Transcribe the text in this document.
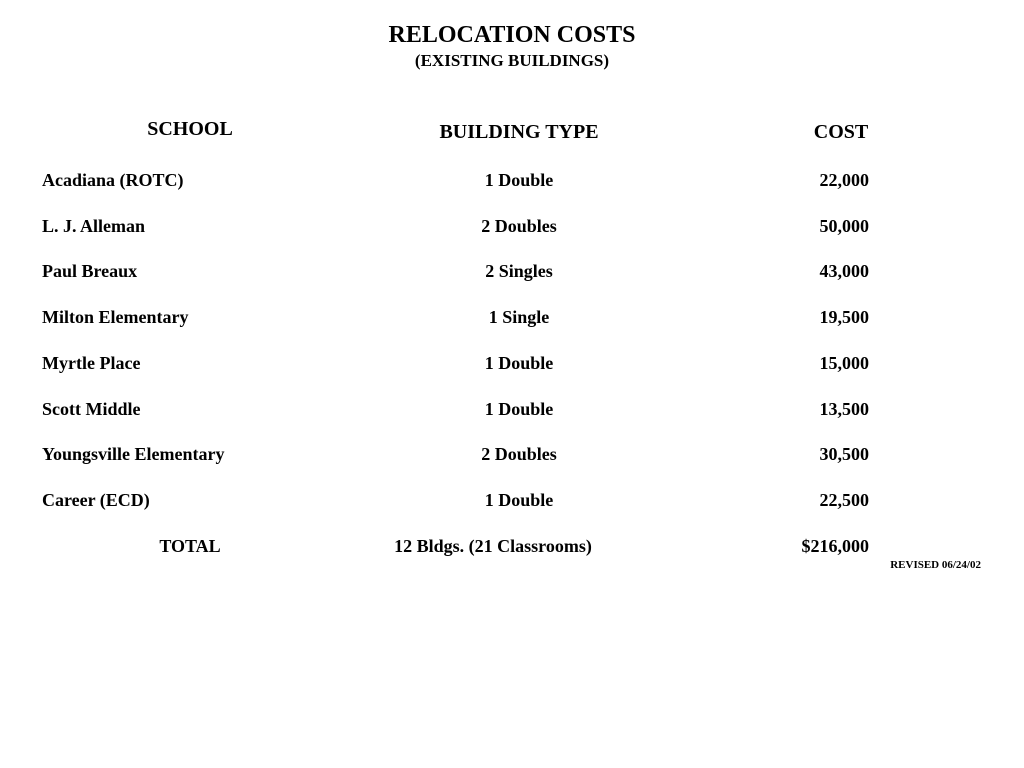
RELOCATION COSTS
(EXISTING BUILDINGS)
SCHOOL	BUILDING TYPE	COST
Acadiana (ROTC)	1 Double	22,000
L. J. Alleman	2 Doubles	50,000
Paul Breaux	2 Singles	43,000
Milton Elementary	1 Single	19,500
Myrtle Place	1 Double	15,000
Scott Middle	1 Double	13,500
Youngsville Elementary	2 Doubles	30,500
Career (ECD)	1 Double	22,500
TOTAL	12 Bldgs. (21 Classrooms)	$216,000
REVISED 06/24/02
